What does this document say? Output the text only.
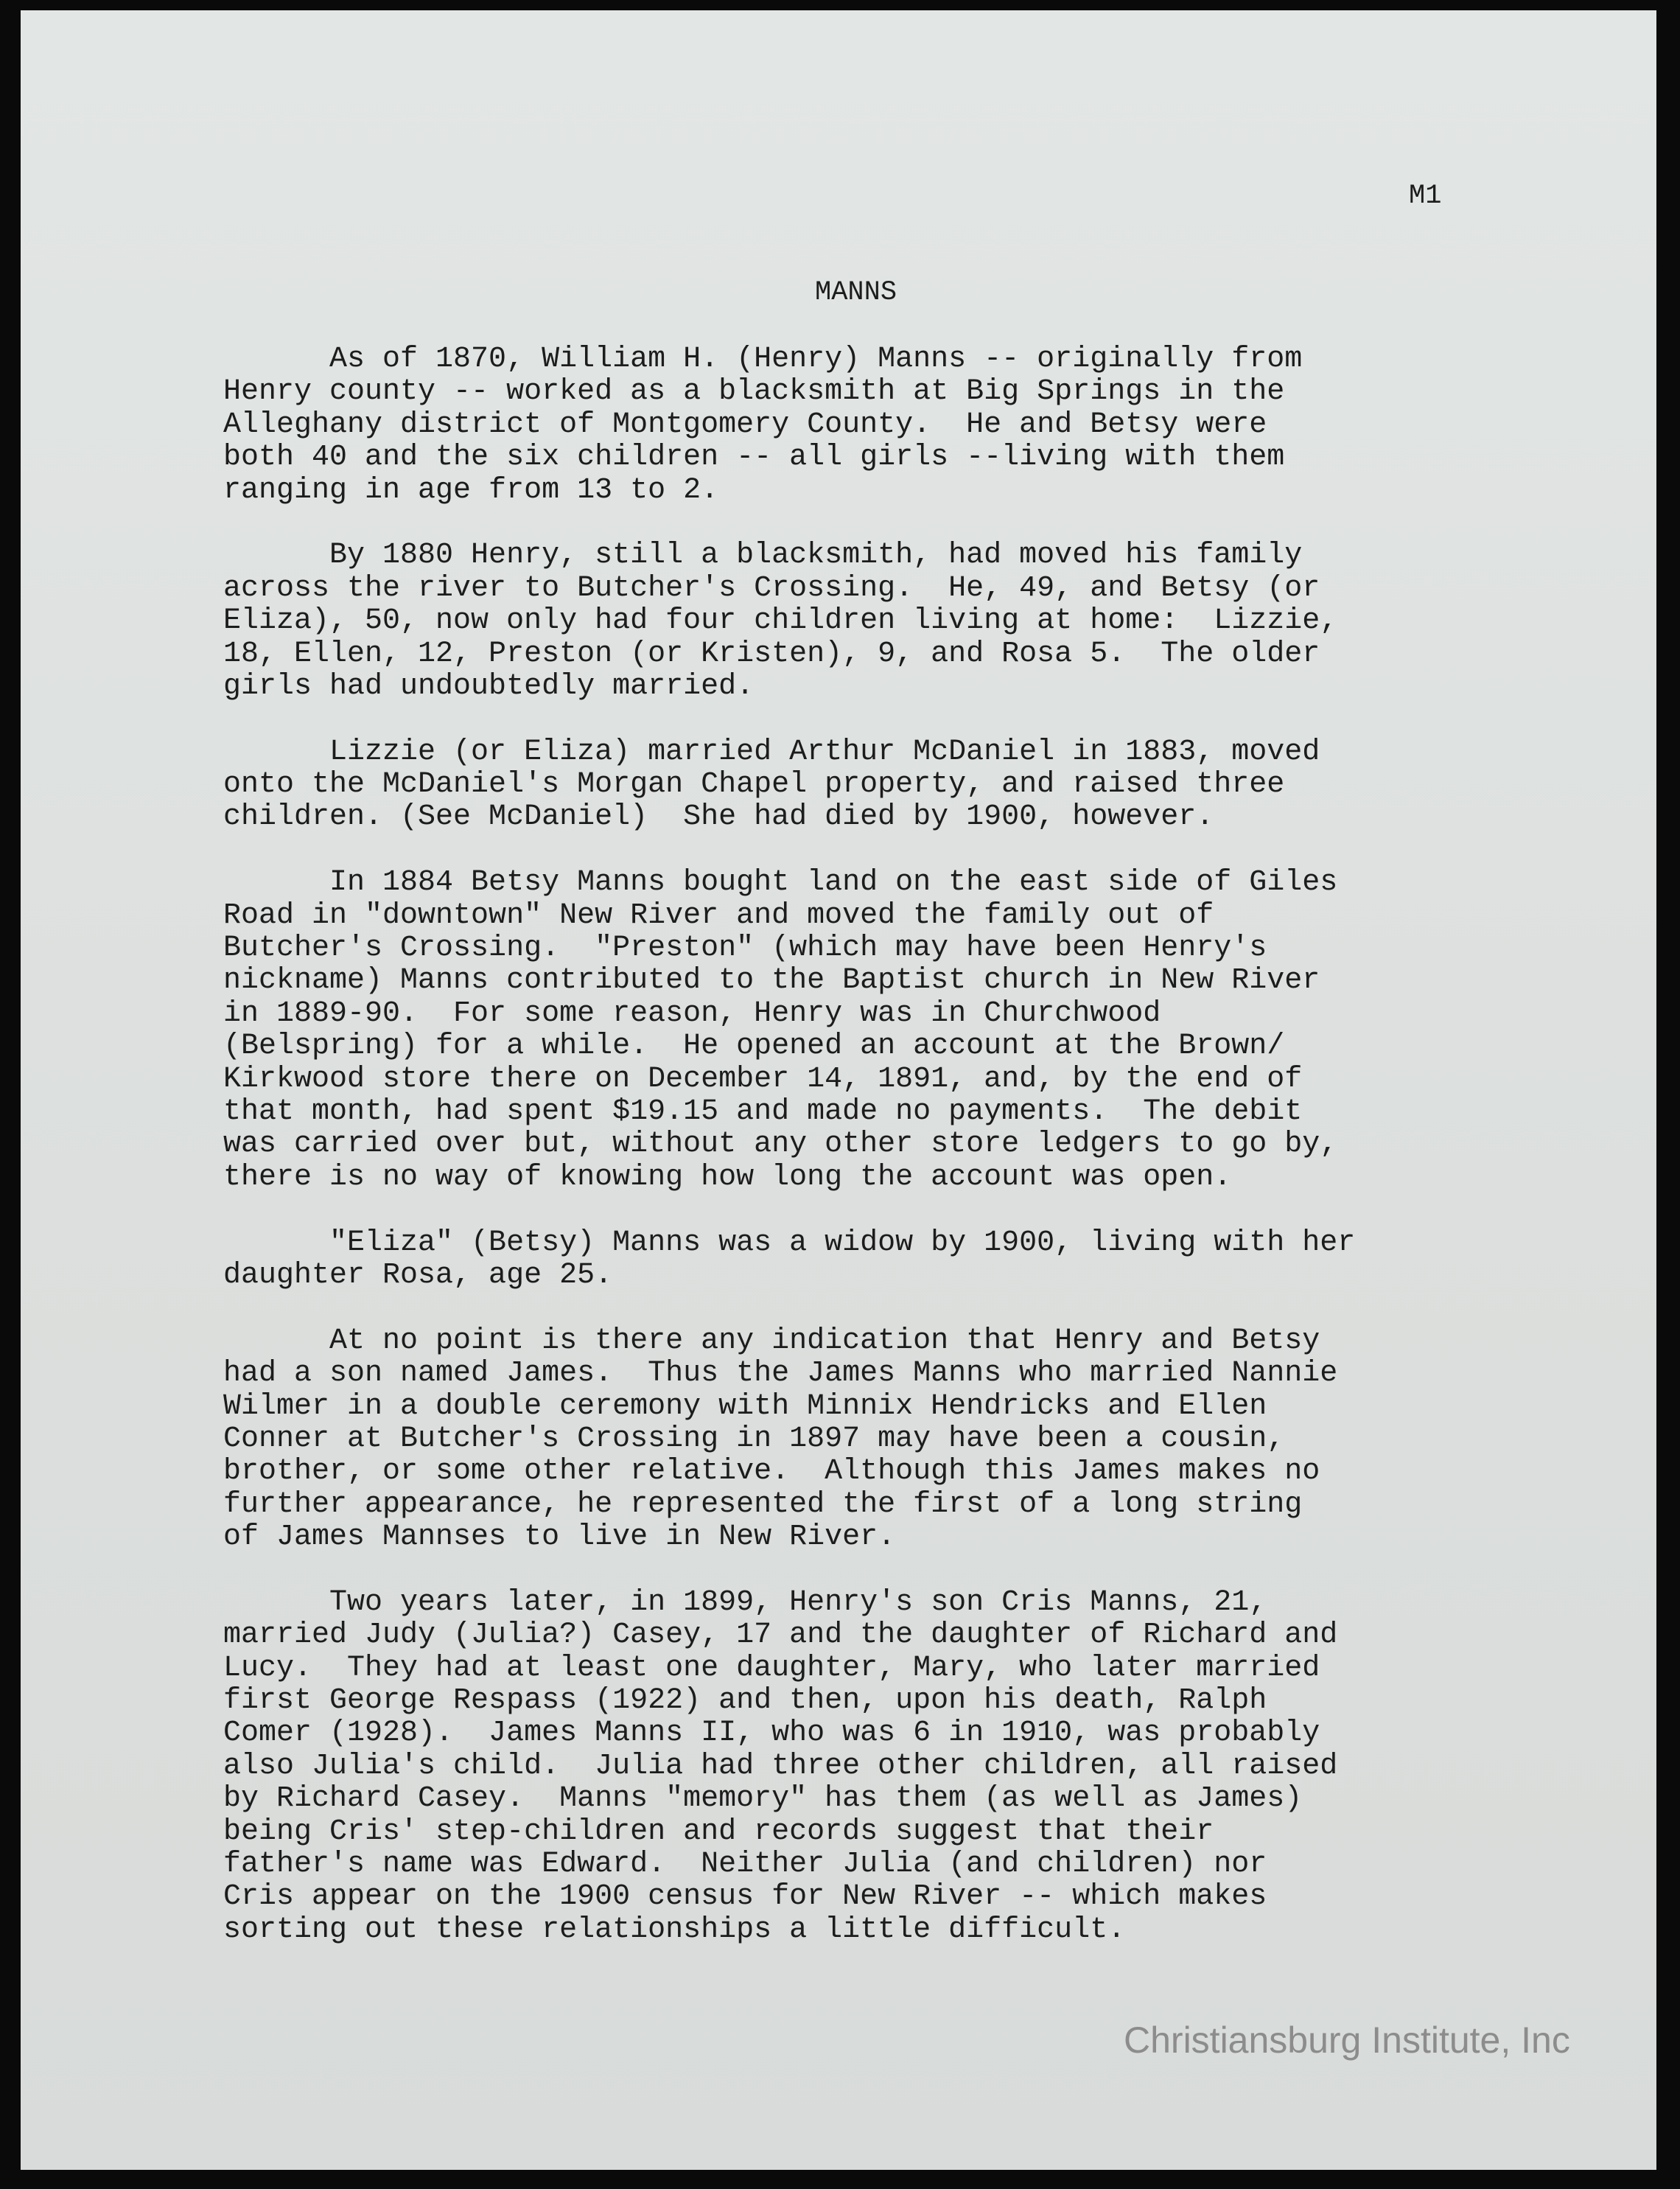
M1

MANNS

As of 1870, William H. (Henry) Manns -- originally from
Henry county -- worked as a blacksmith at Big Springs in the
Alleghany district of Montgomery County.  He and Betsy were
both 40 and the six children -- all girls --living with them
ranging in age from 13 to 2.
By 1880 Henry, still a blacksmith, had moved his family
across the river to Butcher's Crossing.  He, 49, and Betsy (or
Eliza), 50, now only had four children living at home:  Lizzie,
18, Ellen, 12, Preston (or Kristen), 9, and Rosa 5.  The older
girls had undoubtedly married.
Lizzie (or Eliza) married Arthur McDaniel in 1883, moved
onto the McDaniel's Morgan Chapel property, and raised three
children. (See McDaniel)  She had died by 1900, however.
In 1884 Betsy Manns bought land on the east side of Giles
Road in "downtown" New River and moved the family out of
Butcher's Crossing.  "Preston" (which may have been Henry's
nickname) Manns contributed to the Baptist church in New River
in 1889-90.  For some reason, Henry was in Churchwood
(Belspring) for a while.  He opened an account at the Brown/
Kirkwood store there on December 14, 1891, and, by the end of
that month, had spent $19.15 and made no payments.  The debit
was carried over but, without any other store ledgers to go by,
there is no way of knowing how long the account was open.
"Eliza" (Betsy) Manns was a widow by 1900, living with her
daughter Rosa, age 25.
At no point is there any indication that Henry and Betsy
had a son named James.  Thus the James Manns who married Nannie
Wilmer in a double ceremony with Minnix Hendricks and Ellen
Conner at Butcher's Crossing in 1897 may have been a cousin,
brother, or some other relative.  Although this James makes no
further appearance, he represented the first of a long string
of James Mannses to live in New River.
Two years later, in 1899, Henry's son Cris Manns, 21,
married Judy (Julia?) Casey, 17 and the daughter of Richard and
Lucy.  They had at least one daughter, Mary, who later married
first George Respass (1922) and then, upon his death, Ralph
Comer (1928).  James Manns II, who was 6 in 1910, was probably
also Julia's child.  Julia had three other children, all raised
by Richard Casey.  Manns "memory" has them (as well as James)
being Cris' step-children and records suggest that their
father's name was Edward.  Neither Julia (and children) nor
Cris appear on the 1900 census for New River -- which makes
sorting out these relationships a little difficult.

Christiansburg Institute, Inc
